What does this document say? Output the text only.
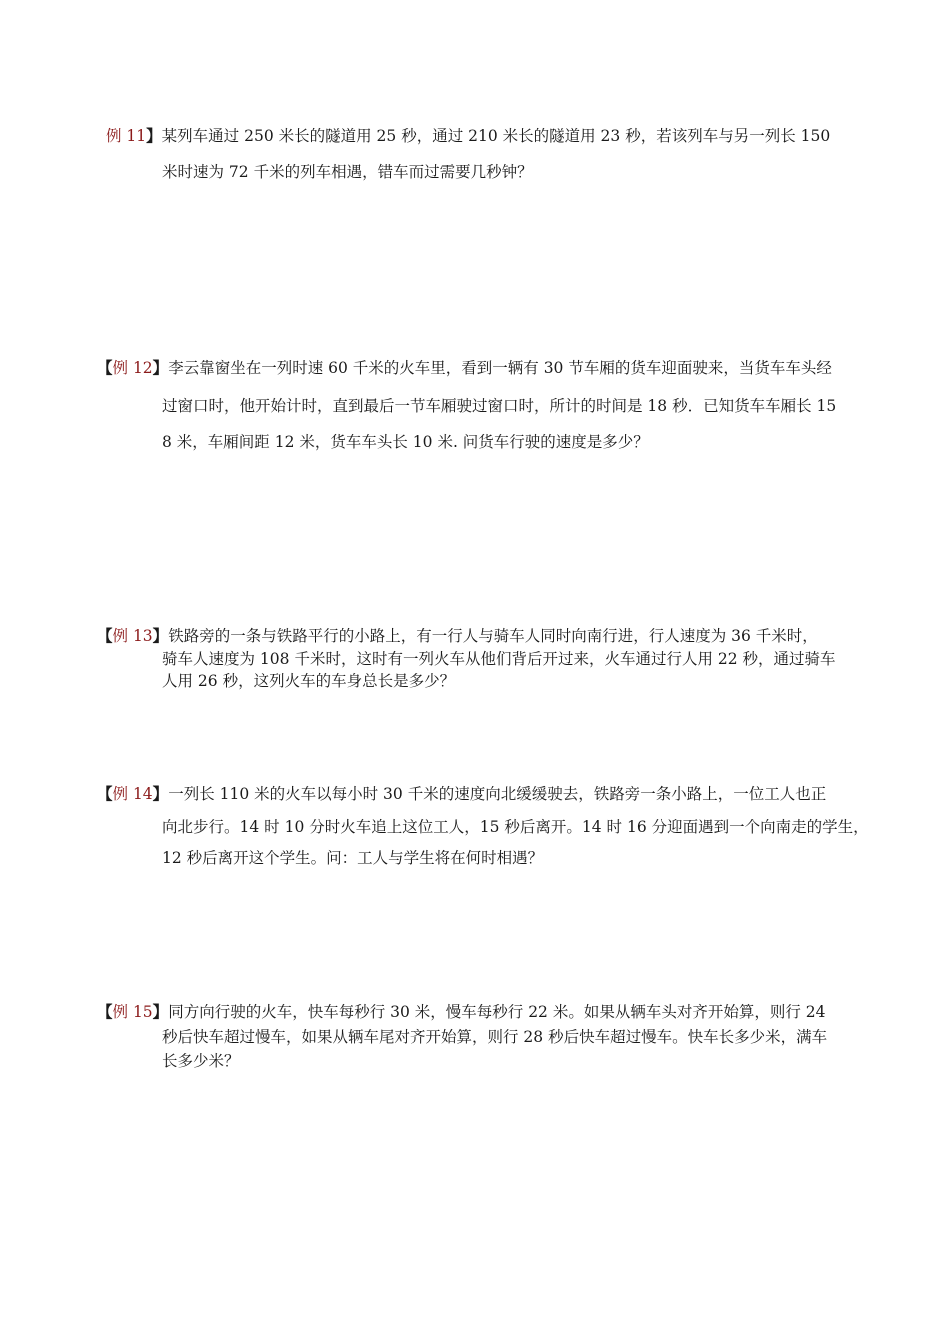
例 11】某列车通过 250 米长的隧道用 25 秒，通过 210 米长的隧道用 23 秒，若该列车与另一列长 150
米时速为 72 千米的列车相遇，错车而过需要几秒钟？
【例 12】李云靠窗坐在一列时速 60 千米的火车里，看到一辆有 30 节车厢的货车迎面驶来，当货车车头经
过窗口时，他开始计时，直到最后一节车厢驶过窗口时，所计的时间是 18 秒．已知货车车厢长 15
8 米，车厢间距 12 米，货车车头长 10 米. 问货车行驶的速度是多少？
【例 13】铁路旁的一条与铁路平行的小路上，有一行人与骑车人同时向南行进，行人速度为 36 千米时，
骑车人速度为 108 千米时，这时有一列火车从他们背后开过来，火车通过行人用 22 秒，通过骑车
人用 26 秒，这列火车的车身总长是多少？
【例 14】一列长 110 米的火车以每小时 30 千米的速度向北缓缓驶去，铁路旁一条小路上，一位工人也正
向北步行。14 时 10 分时火车追上这位工人，15 秒后离开。14 时 16 分迎面遇到一个向南走的学生，
12 秒后离开这个学生。问：工人与学生将在何时相遇？
【例 15】同方向行驶的火车，快车每秒行 30 米，慢车每秒行 22 米。如果从辆车头对齐开始算，则行 24
秒后快车超过慢车，如果从辆车尾对齐开始算，则行 28 秒后快车超过慢车。快车长多少米，满车
长多少米？
